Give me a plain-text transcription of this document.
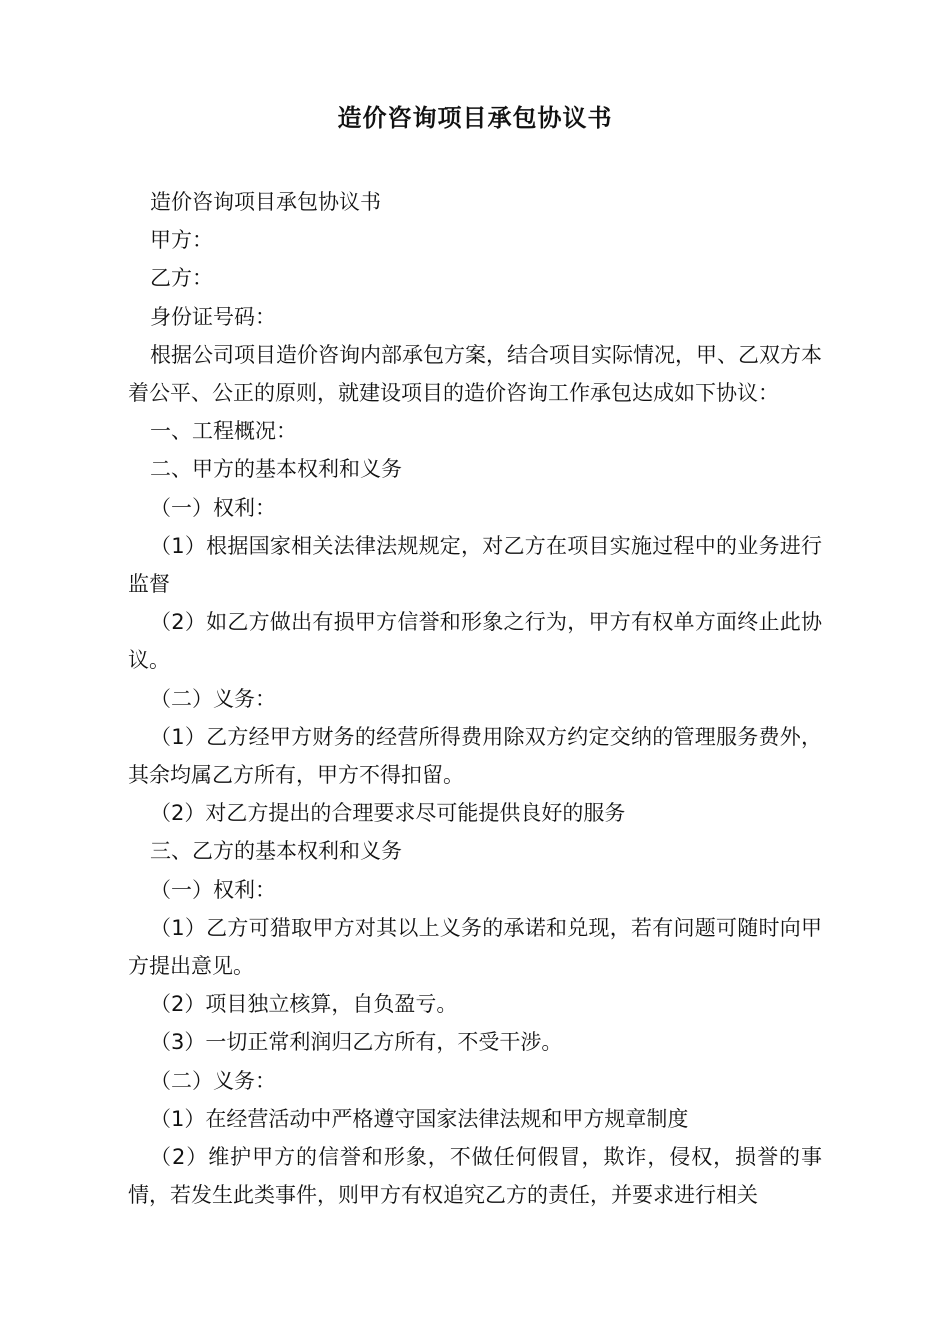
造价咨询项目承包协议书

造价咨询项目承包协议书

甲方：

乙方：

身份证号码：

根据公司项目造价咨询内部承包方案，结合项目实际情况，甲、乙双方本着公平、公正的原则，就建设项目的造价咨询工作承包达成如下协议：

一、工程概况：

二、甲方的基本权利和义务

（一）权利：

（1）根据国家相关法律法规规定，对乙方在项目实施过程中的业务进行监督

（2）如乙方做出有损甲方信誉和形象之行为，甲方有权单方面终止此协议。

（二）义务：

（1）乙方经甲方财务的经营所得费用除双方约定交纳的管理服务费外，其余均属乙方所有，甲方不得扣留。

（2）对乙方提出的合理要求尽可能提供良好的服务

三、乙方的基本权利和义务

（一）权利：

（1）乙方可猎取甲方对其以上义务的承诺和兑现，若有问题可随时向甲方提出意见。

（2）项目独立核算，自负盈亏。

（3）一切正常利润归乙方所有，不受干涉。

（二）义务：

（1）在经营活动中严格遵守国家法律法规和甲方规章制度

（2）维护甲方的信誉和形象，不做任何假冒，欺诈，侵权，损誉的事情，若发生此类事件，则甲方有权追究乙方的责任，并要求进行相关
